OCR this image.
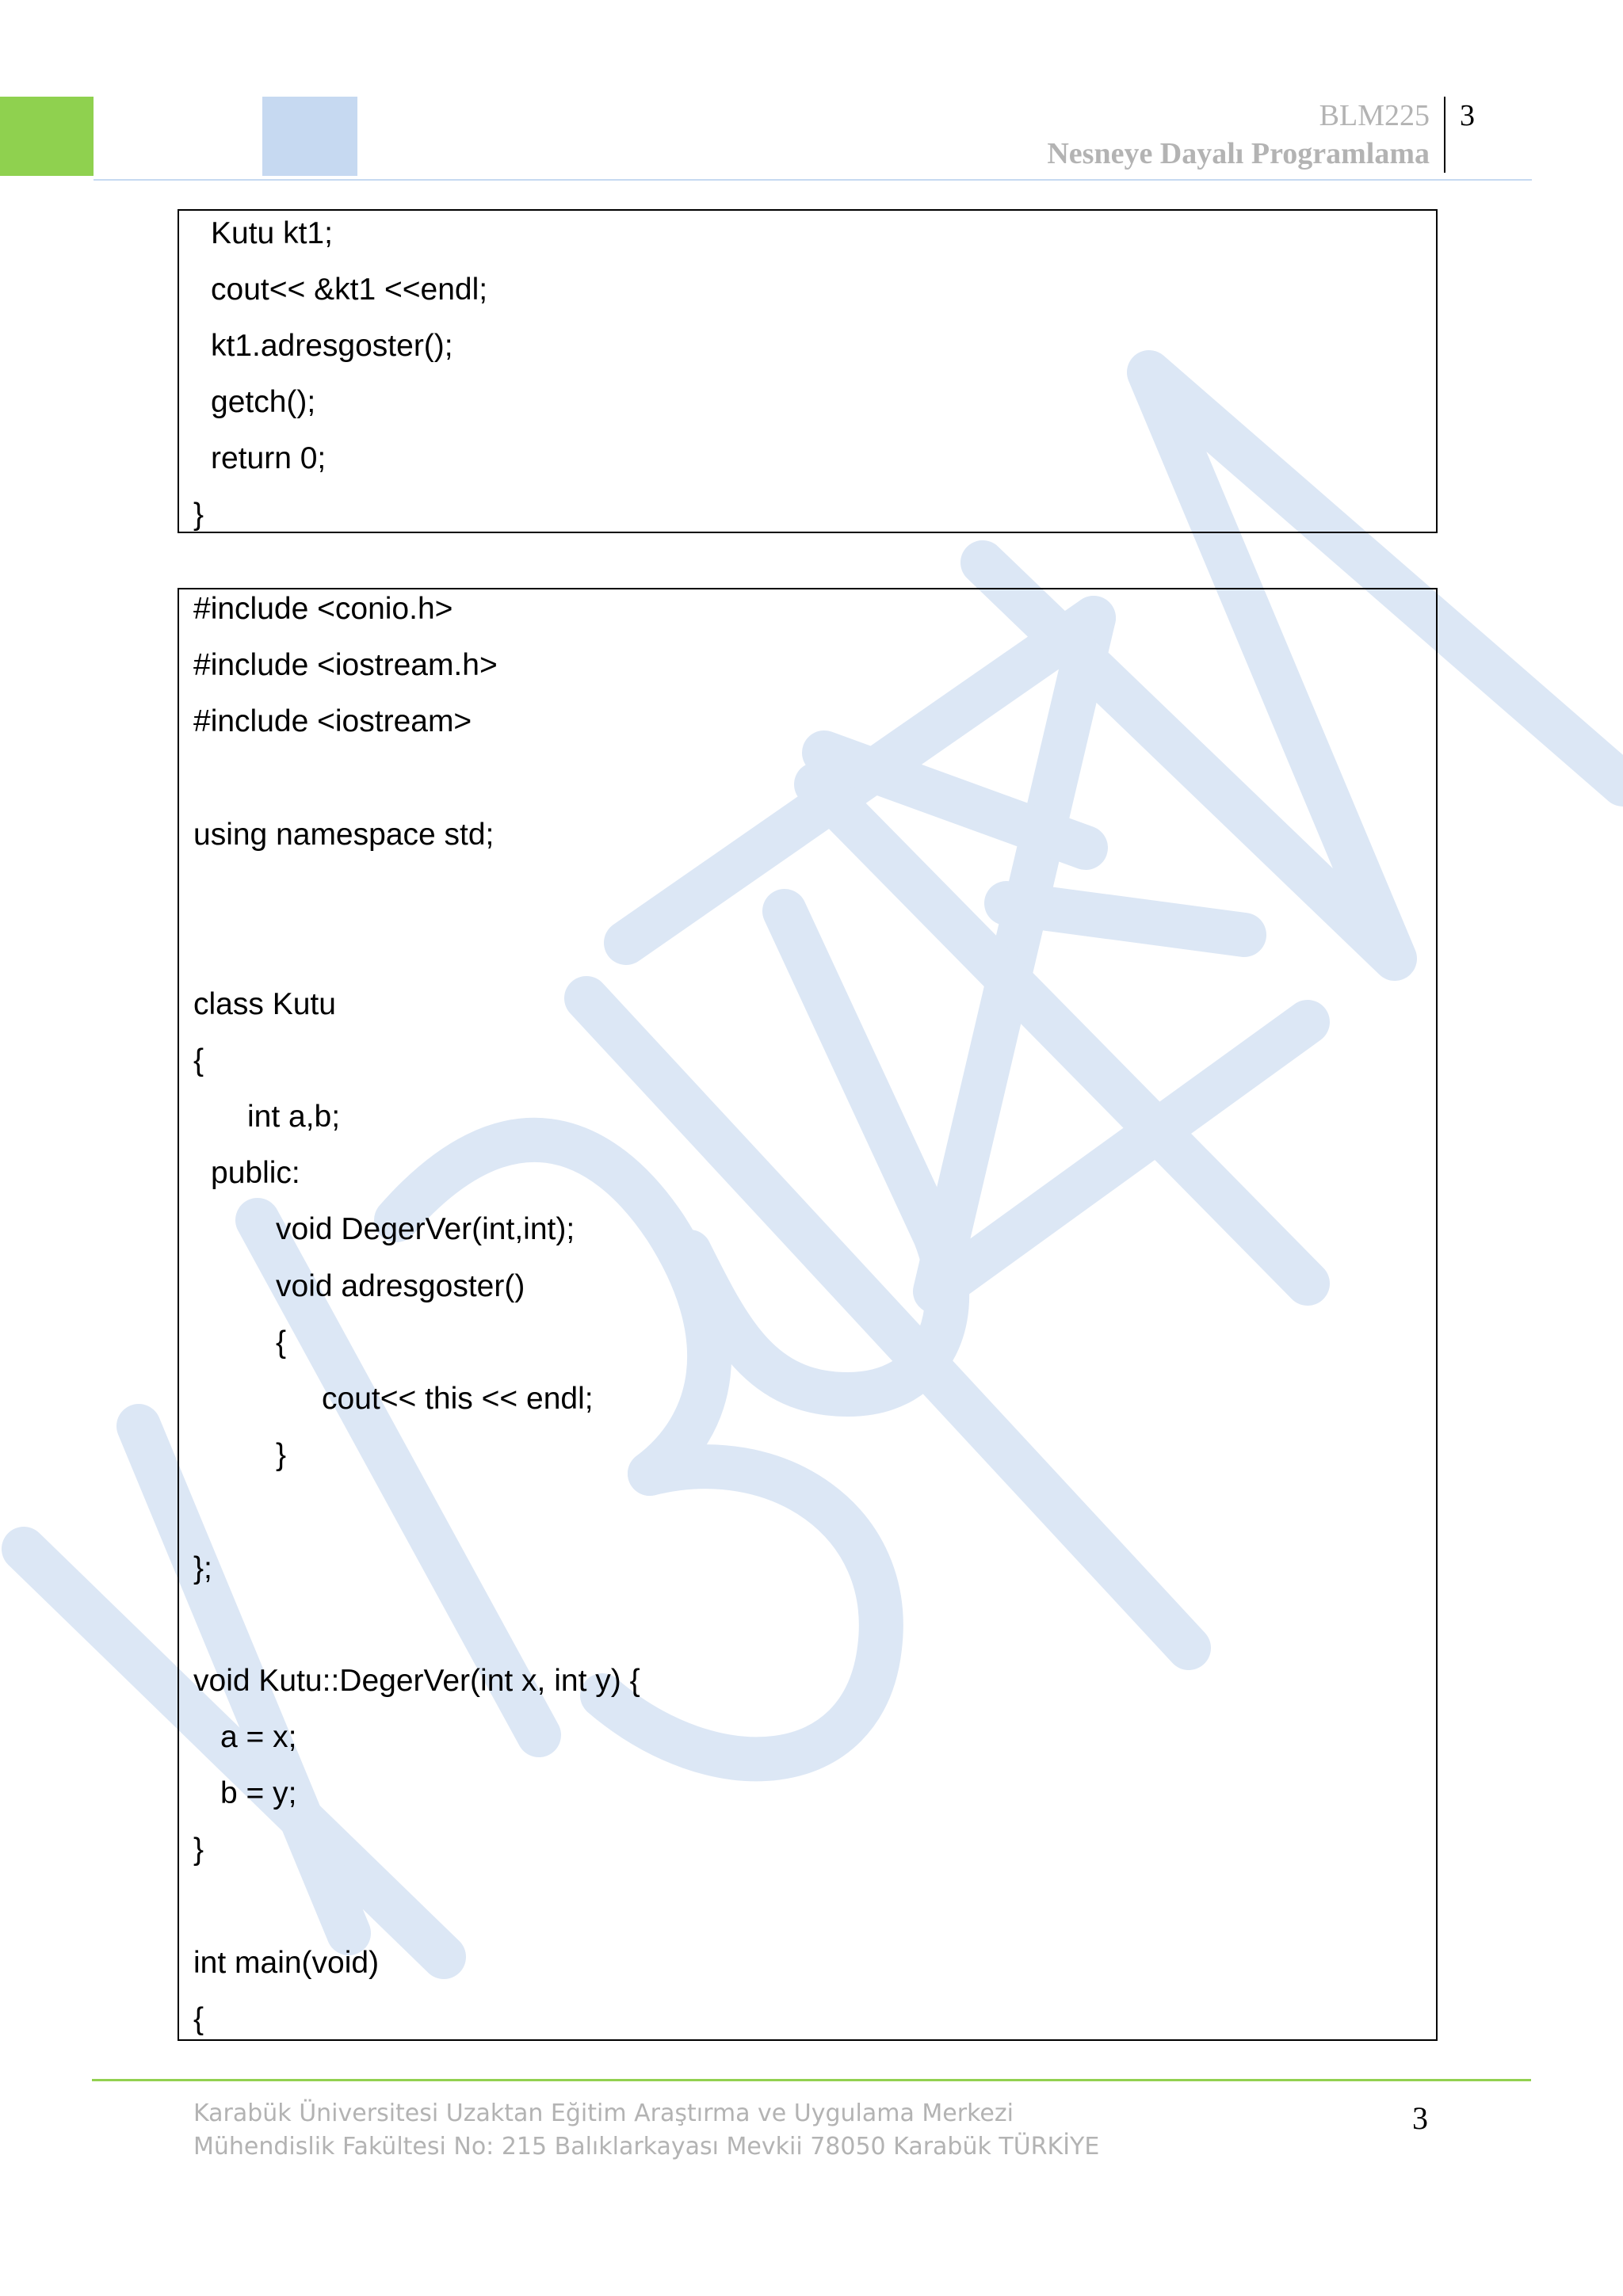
BLM225
Nesneye Dayalı Programlama
3
Kutu kt1;
cout<< &kt1 <<endl;
kt1.adresgoster();
getch();
return 0;
}
#include <conio.h>
#include <iostream.h>
#include <iostream>
using namespace std;
class Kutu
{
int a,b;
public:
void DegerVer(int,int);
void adresgoster()
{
cout<< this << endl;
}
};
void Kutu::DegerVer(int x, int y) {
a = x;
b = y;
}
int main(void)
{
Karabük Üniversitesi Uzaktan Eğitim Araştırma ve Uygulama Merkezi
Mühendislik Fakültesi No: 215 Balıklarkayası Mevkii 78050 Karabük TÜRKİYE
3
